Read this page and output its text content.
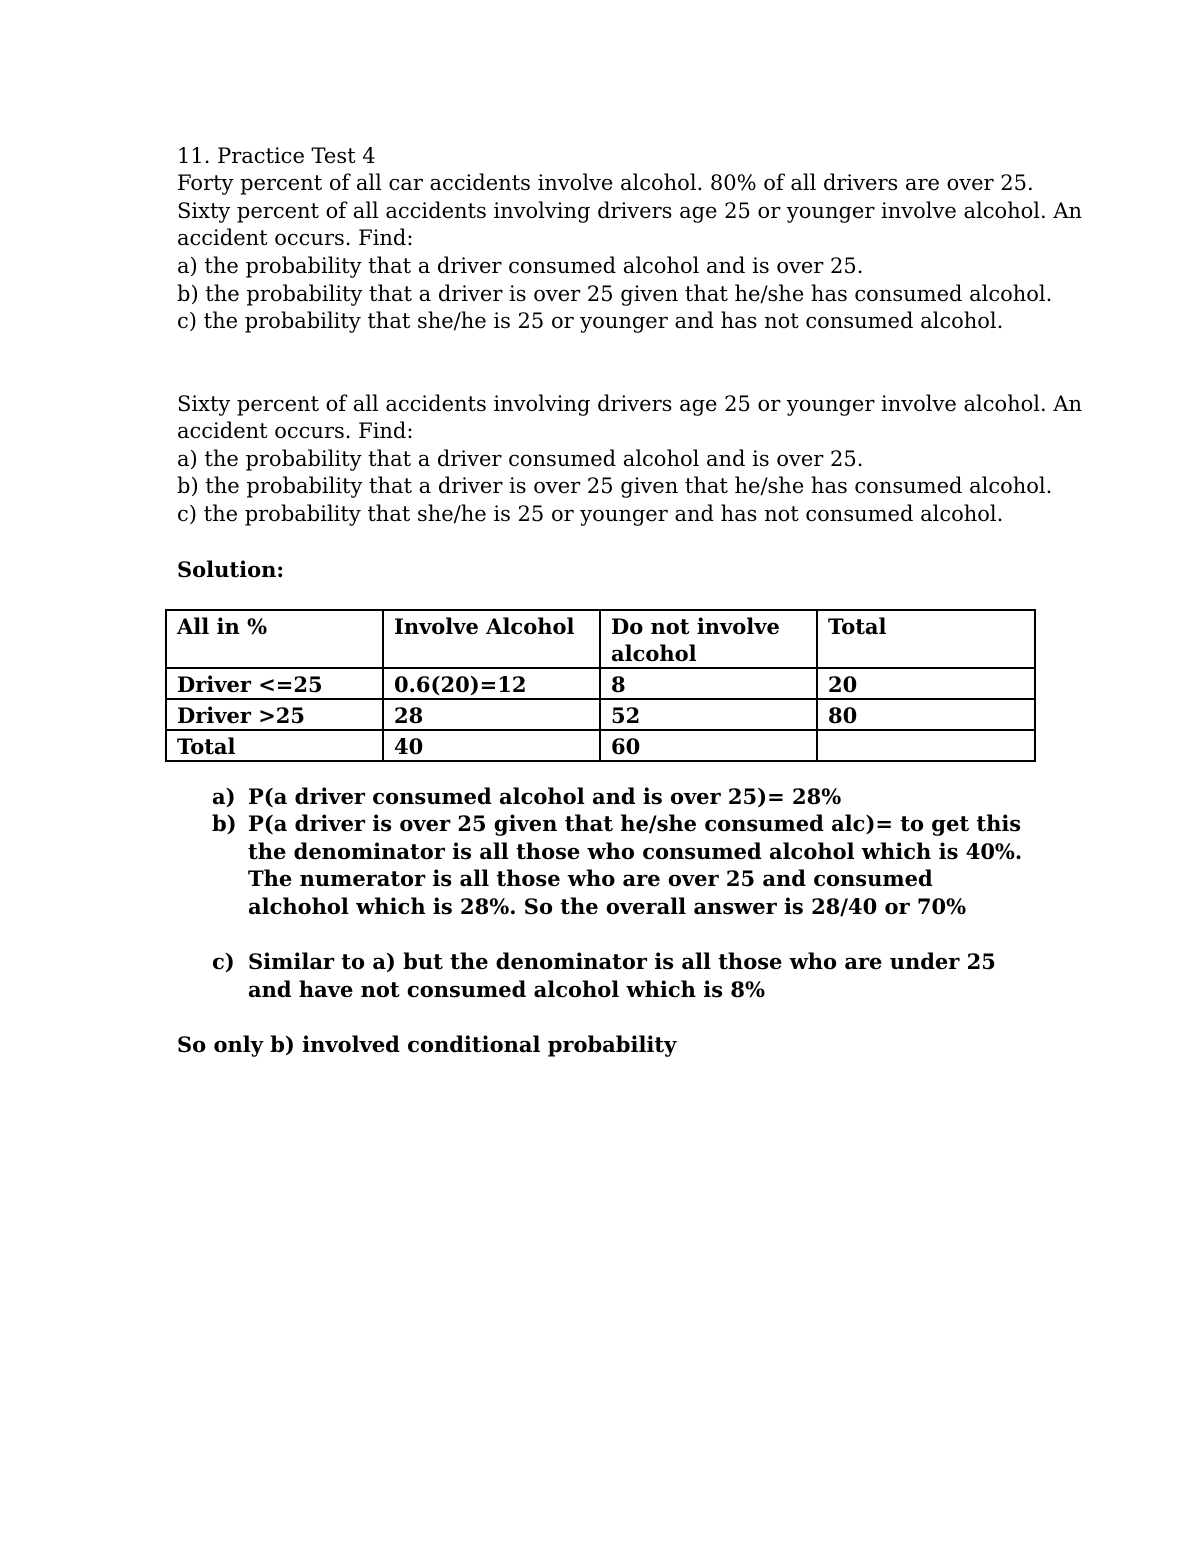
11. Practice Test 4
Forty percent of all car accidents involve alcohol. 80% of all drivers are over 25.
Sixty percent of all accidents involving drivers age 25 or younger involve alcohol. An
accident occurs. Find:
a) the probability that a driver consumed alcohol and is over 25.
b) the probability that a driver is over 25 given that he/she has consumed alcohol.
c) the probability that she/he is 25 or younger and has not consumed alcohol.
Sixty percent of all accidents involving drivers age 25 or younger involve alcohol. An
accident occurs. Find:
a) the probability that a driver consumed alcohol and is over 25.
b) the probability that a driver is over 25 given that he/she has consumed alcohol.
c) the probability that she/he is 25 or younger and has not consumed alcohol.
Solution:
All in %	Involve Alcohol	Do not involve alcohol	Total
Driver <=25	0.6(20)=12	8	20
Driver >25	28	52	80
Total	40	60	
a) P(a driver consumed alcohol and is over 25)= 28%
b) P(a driver is over 25 given that he/she consumed alc)= to get this the denominator is all those who consumed alcohol which is 40%. The numerator is all those who are over 25 and consumed alchohol which is 28%. So the overall answer is 28/40 or 70%
c) Similar to a) but the denominator is all those who are under 25 and have not consumed alcohol which is 8%
So only b) involved conditional probability
